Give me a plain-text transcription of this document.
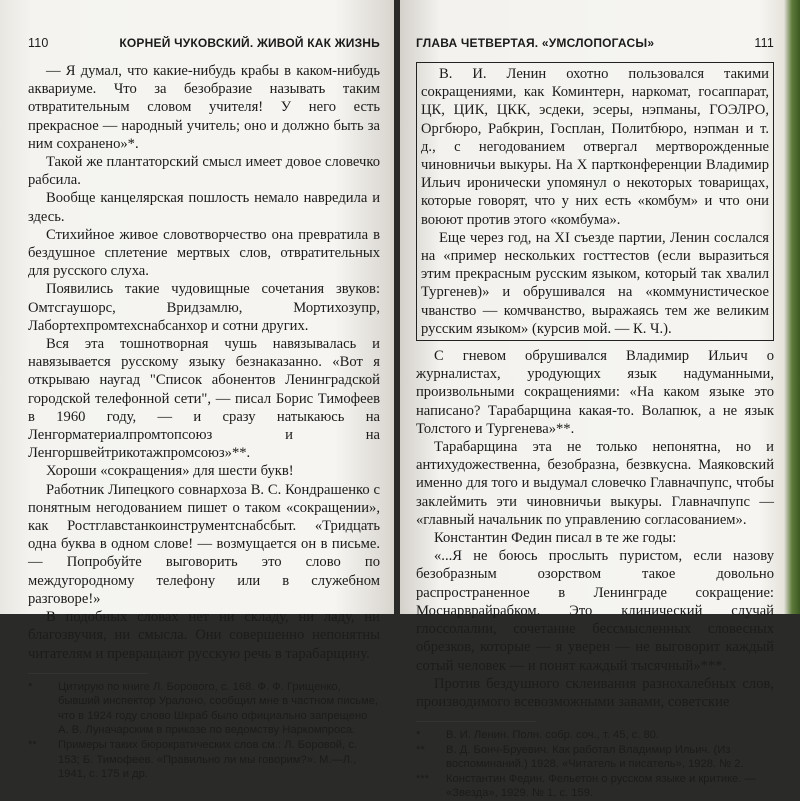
110	КОРНЕЙ ЧУКОВСКИЙ. ЖИВОЙ КАК ЖИЗНЬ

— Я думал, что какие-нибудь крабы в каком-нибудь аквариуме. Что за безобразие называть таким отвратительным словом учителя! У него есть прекрасное — народный учитель; оно и должно быть за ним сохранено»*.

Такой же плантаторский смысл имеет довое словечко рабсила.

Вообще канцелярская пошлость немало навредила и здесь.

Стихийное живое словотворчество она превратила в бездушное сплетение мертвых слов, отвратительных для русского слуха.

Появились такие чудовищные сочетания звуков: Омтсгаушорс, Вридзамлю, Мортихозупр, Лабортехпромтехснабсанхор и сотни других.

Вся эта тошнотворная чушь навязывалась и навязывается русскому языку безнаказанно. «Вот я открываю наугад "Список абонентов Ленинградской городской телефонной сети", — писал Борис Тимофеев в 1960 году, — и сразу натыкаюсь на Ленгорматериалпромтопсоюз и на Ленгоршвейтрикотажпромсоюз»**.

Хороши «сокращения» для шести букв!

Работник Липецкого совнархоза В. С. Кондрашенко с понятным негодованием пишет о таком «сокращении», как Ростглавстанкоинструментснабсбыт. «Тридцать одна буква в одном слове! — возмущается он в письме. — Попробуйте выговорить это слово по междугородному телефону или в служебном разговоре!»

В подобных словах нет ни складу, ни ладу, ни благозвучия, ни смысла. Они совершенно непонятны читателям и превращают русскую речь в тарабарщину.

*	Цитирую по книге Л. Борового, с. 168. Ф. Ф. Грищенко, бывший инспектор Уралоно, сообщил мне в частном письме, что в 1924 году слово Шкраб было официально запрещено А. В. Луначарским в приказе по ведомству Наркомпроса.
**	Примеры таких бюрократических слов см.: Л. Боровой, с. 153; Б. Тимофеев. «Правильно ли мы говорим?». М.—Л., 1941, с. 175 и др.
ГЛАВА ЧЕТВЕРТАЯ. «УМСЛОПОГАСЫ»	111

В. И. Ленин охотно пользовался такими сокращениями, как Коминтерн, наркомат, госаппарат, ЦК, ЦИК, ЦКК, эсдеки, эсеры, нэпманы, ГОЭЛРО, Оргбюро, Рабкрин, Госплан, Политбюро, нэпман и т. д., с негодованием отвергал мертворожденные чиновничьи выкуры. На X партконференции Владимир Ильич иронически упомянул о некоторых товарищах, которые говорят, что у них есть «комбум» и что они воюют против этого «комбума».

Еще через год, на XI съезде партии, Ленин сослался на «пример нескольких госттестов (если выразиться этим прекрасным русским языком, который так хвалил Тургенев)» и обрушивался на «коммунистическое чванство — комчванство, выражаясь тем же великим русским языком» (курсив мой. — К. Ч.).

С гневом обрушивался Владимир Ильич о журналистах, уродующих язык надуманными, произвольными сокращениями: «На каком языке это написано? Тарабарщина какая-то. Волапюк, а не язык Толстого и Тургенева»**.

Тарабарщина эта не только непонятна, но и антихудожественна, безобразна, безвкусна. Маяковский именно для того и выдумал словечко Главначпупс, чтобы заклеймить эти чиновничьи выкуры. Главначпупс — «главный начальник по управлению согласованием».

Константин Федин писал в те же годы:

«...Я не боюсь прослыть пуристом, если назову безобразным озорством такое довольно распространенное в Ленинграде сокращение: Моснарврайрабком. Это клинический случай глоссолалии, сочетание бессмысленных словесных обрезков, которые — я уверен — не выговорит каждый сотый человек — и понят каждый тысячный»***.

Против бездушного склеивания разнохалебных слов, производимого всевозможными завами, советские

*	В. И. Ленин. Полн. собр. соч., т. 45, с. 80.
**	В. Д. Бонч-Бруевич. Как работал Владимир Ильич. (Из воспоминаний.) 1928. «Читатель и писатель», 1928. № 2.
***	Константин Федин. Фельетон о русском языке и критике. — «Звезда», 1929. № 1, с. 159.
